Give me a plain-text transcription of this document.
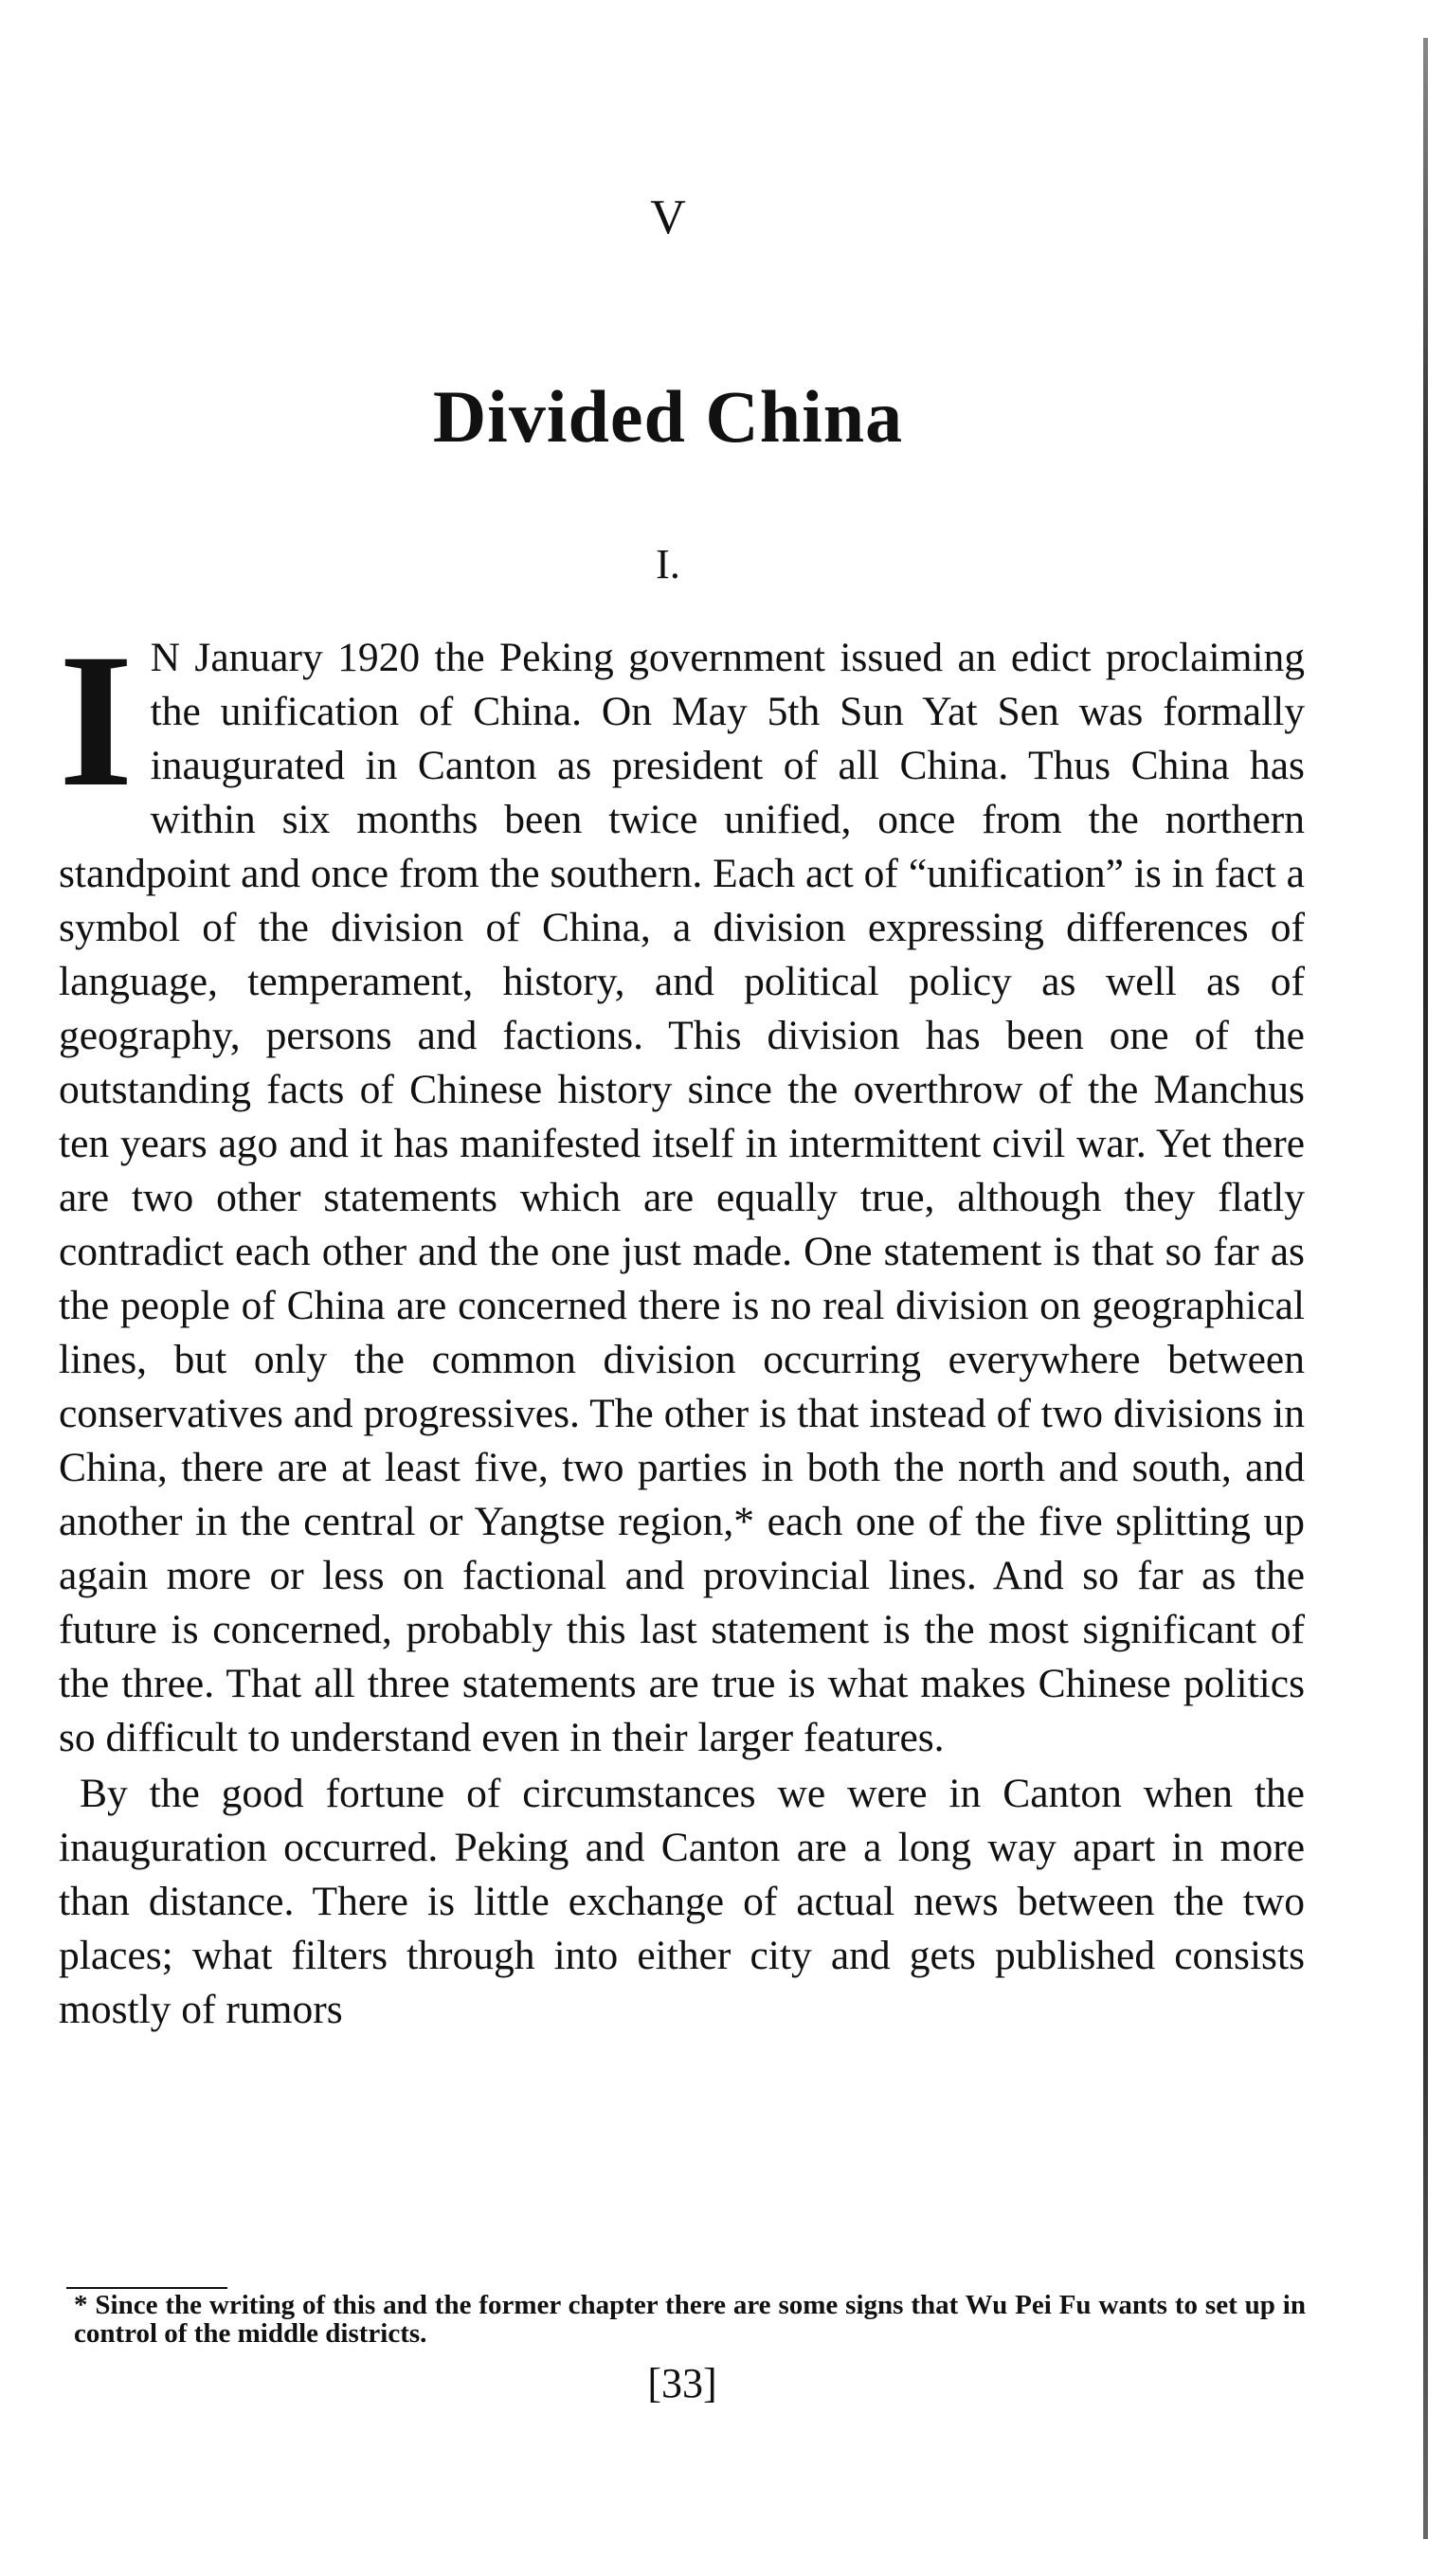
V
Divided China
I.

IN January 1920 the Peking government issued an edict proclaiming the unification of China. On May 5th Sun Yat Sen was formally inaugurated in Canton as president of all China. Thus China has within six months been twice unified, once from the northern standpoint and once from the southern. Each act of “unification” is in fact a symbol of the division of China, a division expressing differences of language, temperament, history, and political policy as well as of geography, persons and factions. This division has been one of the outstanding facts of Chinese history since the overthrow of the Manchus ten years ago and it has manifested itself in intermittent civil war. Yet there are two other statements which are equally true, although they flatly contradict each other and the one just made. One statement is that so far as the people of China are concerned there is no real division on geographical lines, but only the common division occurring everywhere between conservatives and progressives. The other is that instead of two divisions in China, there are at least five, two parties in both the north and south, and another in the central or Yangtse region,* each one of the five splitting up again more or less on factional and provincial lines. And so far as the future is concerned, probably this last statement is the most significant of the three. That all three statements are true is what makes Chinese politics so difficult to understand even in their larger features.

By the good fortune of circumstances we were in Canton when the inauguration occurred. Peking and Canton are a long way apart in more than distance. There is little exchange of actual news between the two places; what filters through into either city and gets published consists mostly of rumors

* Since the writing of this and the former chapter there are some signs that Wu Pei Fu wants to set up in control of the middle districts.
[33]
